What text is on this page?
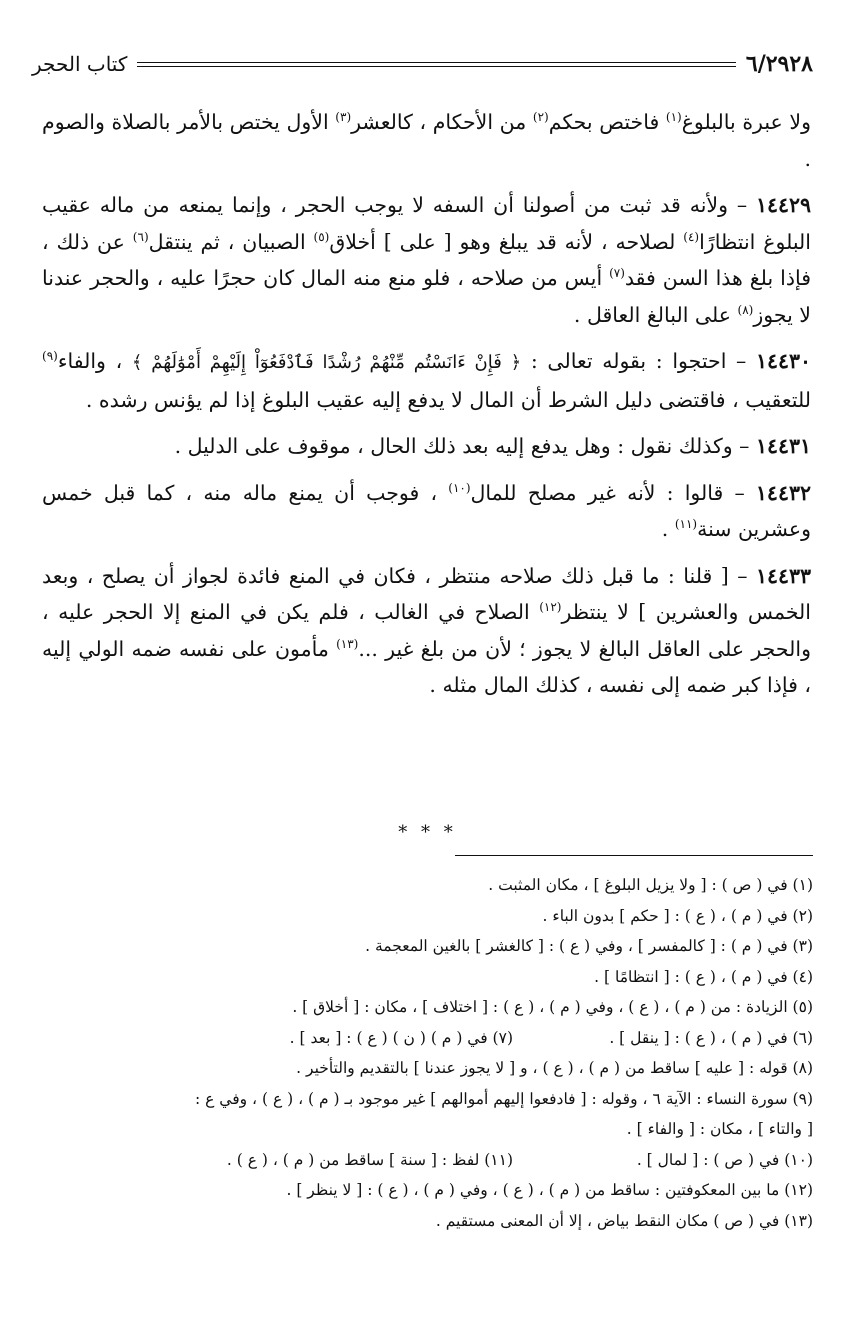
٦/٢٩٢٨
كتاب الحجر

ولا عبرة بالبلوغ$^{(١)}$ فاختص بحكم$^{(٢)}$ من الأحكام ، كالعشر$^{(٣)}$ الأول يختص بالأمر بالصلاة والصوم .

١٤٤٢٩ – ولأنه قد ثبت من أصولنا أن السفه لا يوجب الحجر ، وإنما يمنعه من ماله عقيب البلوغ انتظارًا$^{(٤)}$ لصلاحه ، لأنه قد يبلغ وهو [ على ] أخلاق$^{(٥)}$ الصبيان ، ثم ينتقل$^{(٦)}$ عن ذلك ، فإذا بلغ هذا السن فقد$^{(٧)}$ أيس من صلاحه ، فلو منع منه المال كان حجرًا عليه ، والحجر عندنا لا يجوز$^{(٨)}$ على البالغ العاقل .

١٤٤٣٠ – احتجوا : بقوله تعالى : ﴿ فَإِنْ ءَانَسْتُم مِّنْهُمْ رُشْدًا فَٱدْفَعُوٓاْ إِلَيْهِمْ أَمْوَٰلَهُمْ ﴾ ، والفاء$^{(٩)}$ للتعقيب ، فاقتضى دليل الشرط أن المال لا يدفع إليه عقيب البلوغ إذا لم يؤنس رشده .

١٤٤٣١ – وكذلك نقول : وهل يدفع إليه بعد ذلك الحال ، موقوف على الدليل .

١٤٤٣٢ – قالوا : لأنه غير مصلح للمال$^{(١٠)}$ ، فوجب أن يمنع ماله منه ، كما قبل خمس وعشرين سنة$^{(١١)}$ .

١٤٤٣٣ – [ قلنا : ما قبل ذلك صلاحه منتظر ، فكان في المنع فائدة لجواز أن يصلح ، وبعد الخمس والعشرين ] لا ينتظر$^{(١٢)}$ الصلاح في الغالب ، فلم يكن في المنع إلا الحجر عليه ، والحجر على العاقل البالغ لا يجوز ؛ لأن من بلغ غير ...$^{(١٣)}$ مأمون على نفسه ضمه الولي إليه ، فإذا كبر ضمه إلى نفسه ، كذلك المال مثله .

* * *
(١) في ( ص ) : [ ولا يزيل البلوغ ] ، مكان المثبت .
(٢) في ( م ) ، ( ع ) : [ حكم ] بدون الباء .
(٣) في ( م ) : [ كالمفسر ] ، وفي ( ع ) : [ كالغشر ] بالغين المعجمة .
(٤) في ( م ) ، ( ع ) : [ انتظامًا ] .
(٥) الزيادة : من ( م ) ، ( ع ) ، وفي ( م ) ، ( ع ) : [ اختلاف ] ، مكان : [ أخلاق ] .
(٦) في ( م ) ، ( ع ) : [ ينقل ] .
(٧) في ( م ) ( ن ) ( ع ) : [ بعد ] .
(٨) قوله : [ عليه ] ساقط من ( م ) ، ( ع ) ، و [ لا يجوز عندنا ] بالتقديم والتأخير .
(٩) سورة النساء : الآية ٦ ، وقوله : [ فادفعوا إليهم أموالهم ] غير موجود بـ ( م ) ، ( ع ) ، وفي ع :
[ والتاء ] ، مكان : [ والفاء ] .
(١٠) في ( ص ) : [ لمال ] .
(١١) لفظ : [ سنة ] ساقط من ( م ) ، ( ع ) .
(١٢) ما بين المعكوفتين : ساقط من ( م ) ، ( ع ) ، وفي ( م ) ، ( ع ) : [ لا ينظر ] .
(١٣) في ( ص ) مكان النقط بياض ، إلا أن المعنى مستقيم .
